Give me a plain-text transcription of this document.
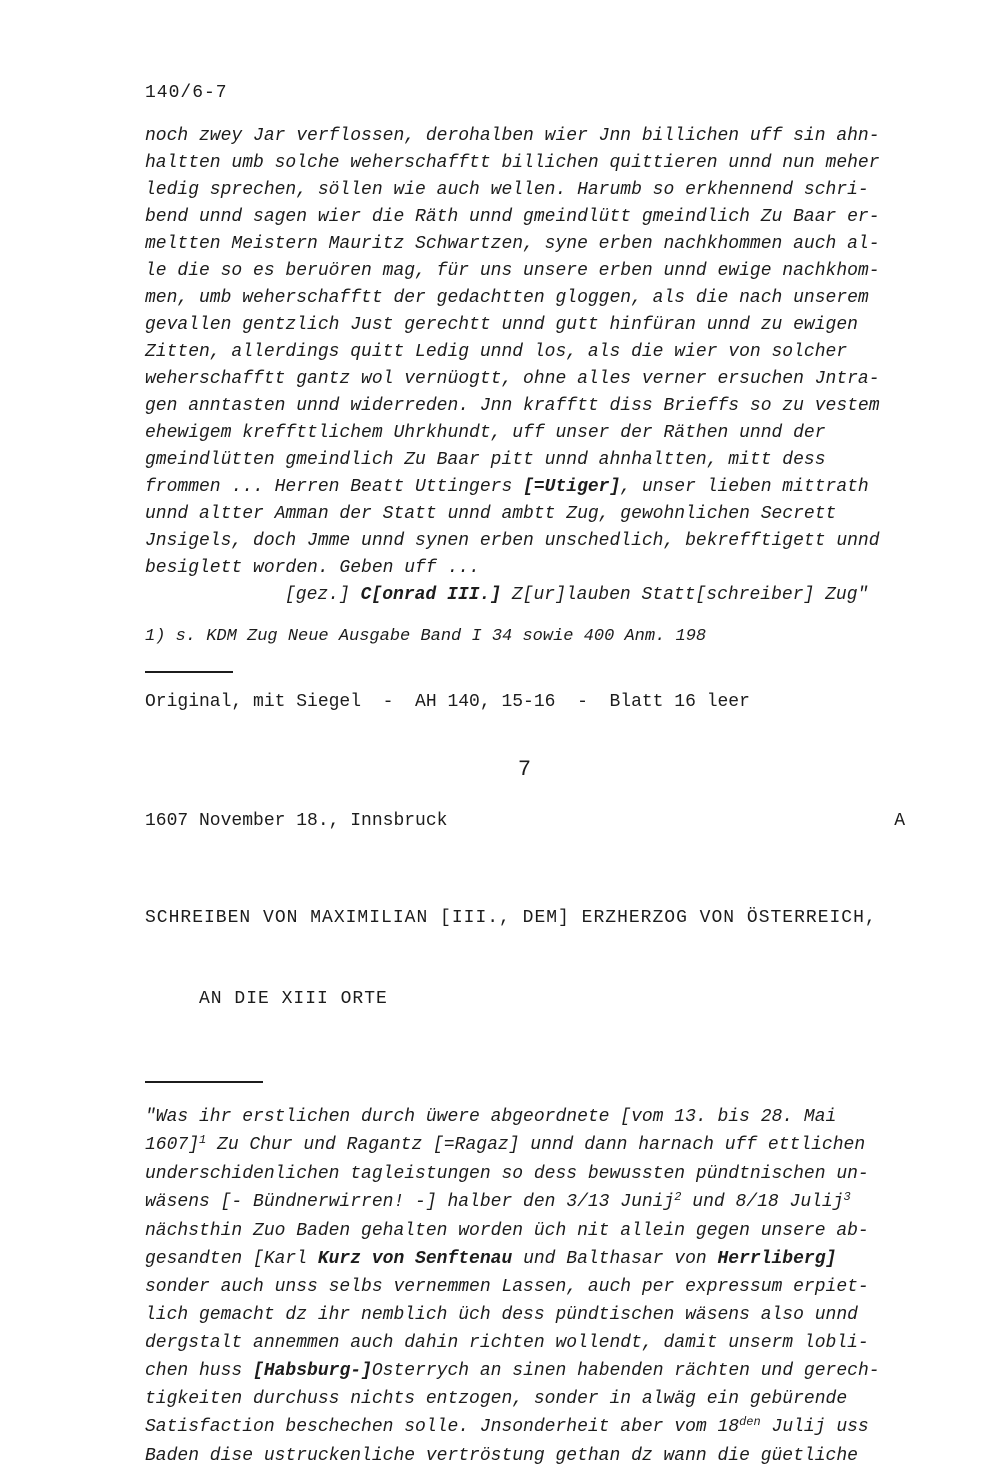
140/6-7
noch zwey Jar verflossen, derohalben wier Jnn billichen uff sin ahn-
haltten umb solche weherschafftt billichen quittieren unnd nun meher
ledig sprechen, söllen wie auch wellen. Harumb so erkhennend schri-
bend unnd sagen wier die Räth unnd gmeindlütt gmeindlich Zu Baar er-
meltten Meistern Mauritz Schwartzen, syne erben nachkhommen auch al-
le die so es beruören mag, für uns unsere erben unnd ewige nachkhom-
men, umb weherschafftt der gedachtten gloggen, als die nach unserem
gevallen gentzlich Just gerechtt unnd gutt hinfüran unnd zu ewigen
Zitten, allerdings quitt Ledig unnd los, als die wier von solcher
weherschafftt gantz wol vernüogtt, ohne alles verner ersuchen Jntra-
gen anntasten unnd widerreden. Jnn krafftt diss Brieffs so zu vestem
ehewigem kreffttlichem Uhrkhundt, uff unser der Räthen unnd der
gmeindlütten gmeindlich Zu Baar pitt unnd ahnhaltten, mitt dess
frommen ... Herren Beatt Uttingers [=Utiger], unser lieben mittrath
unnd altter Amman der Statt unnd ambtt Zug, gewohnlichen Secrett
Jnsigels, doch Jmme unnd synen erben unschedlich, bekrefftigett unnd
besiglett worden. Geben uff ...
[gez.] C[onrad III.] Z[ur]lauben Statt[schreiber] Zug"
1) s. KDM Zug Neue Ausgabe Band I 34 sowie 400 Anm. 198
Original, mit Siegel  -  AH 140, 15-16  -  Blatt 16 leer
7
1607 November 18., Innsbruck	A

SCHREIBEN VON MAXIMILIAN [III., DEM] ERZHERZOG VON ÖSTERREICH,

AN DIE XIII ORTE

"Was ihr erstlichen durch üwere abgeordnete [vom 13. bis 28. Mai
1607]$^1$ Zu Chur und Ragantz [=Ragaz] unnd dann harnach uff ettlichen
underschidenlichen tagleistungen so dess bewussten pündtnischen un-
wäsens [- Bündnerwirren! -] halber den 3/13 Junij$^2$ und 8/18 Julij$^3$
nächsthin Zuo Baden gehalten worden üch nit allein gegen unsere ab-
gesandten [Karl Kurz von Senftenau und Balthasar von Herrliberg]
sonder auch unss selbs vernemmen Lassen, auch per expressum erpiet-
lich gemacht dz ihr nemblich üch dess pündtischen wäsens also unnd
dergstalt annemmen auch dahin richten wollendt, damit unserm lobli-
chen huss [Habsburg-]Osterrych an sinen habenden rächten und gerech-
tigkeiten durchuss nichts entzogen, sonder in alwäg ein gebürende
Satisfaction beschechen solle. Jnsonderheit aber vom $18^{den}$ Julij uss
Baden dise ustruckenliche vertröstung gethan dz wann die güetliche
